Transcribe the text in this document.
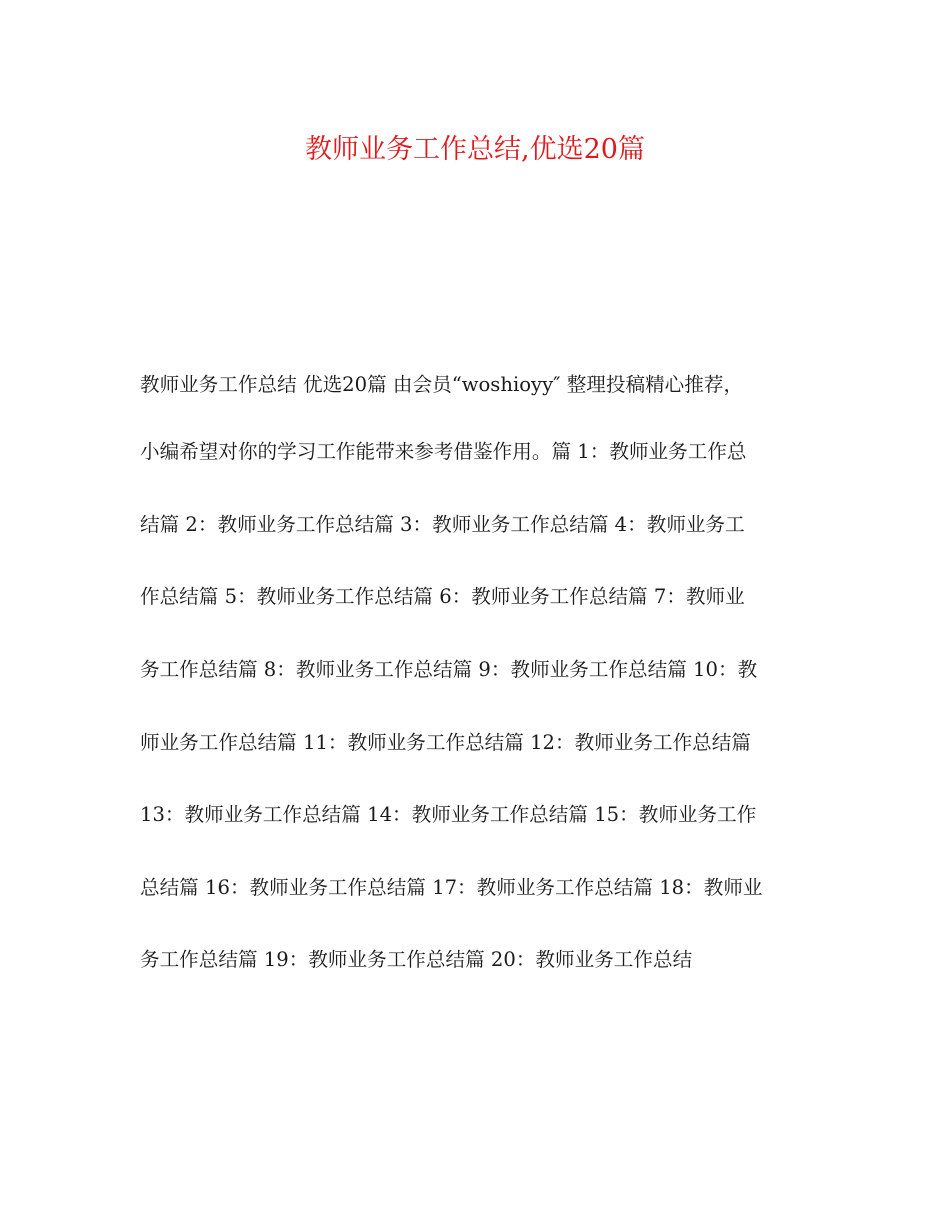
教师业务工作总结,优选20篇
教师业务工作总结 优选20篇 由会员“woshioyy″ 整理投稿精心推荐，
小编希望对你的学习工作能带来参考借鉴作用。篇 1：教师业务工作总
结篇 2：教师业务工作总结篇 3：教师业务工作总结篇 4：教师业务工
作总结篇 5：教师业务工作总结篇 6：教师业务工作总结篇 7：教师业
务工作总结篇 8：教师业务工作总结篇 9：教师业务工作总结篇 10：教
师业务工作总结篇 11：教师业务工作总结篇 12：教师业务工作总结篇
13：教师业务工作总结篇 14：教师业务工作总结篇 15：教师业务工作
总结篇 16：教师业务工作总结篇 17：教师业务工作总结篇 18：教师业
务工作总结篇 19：教师业务工作总结篇 20：教师业务工作总结
